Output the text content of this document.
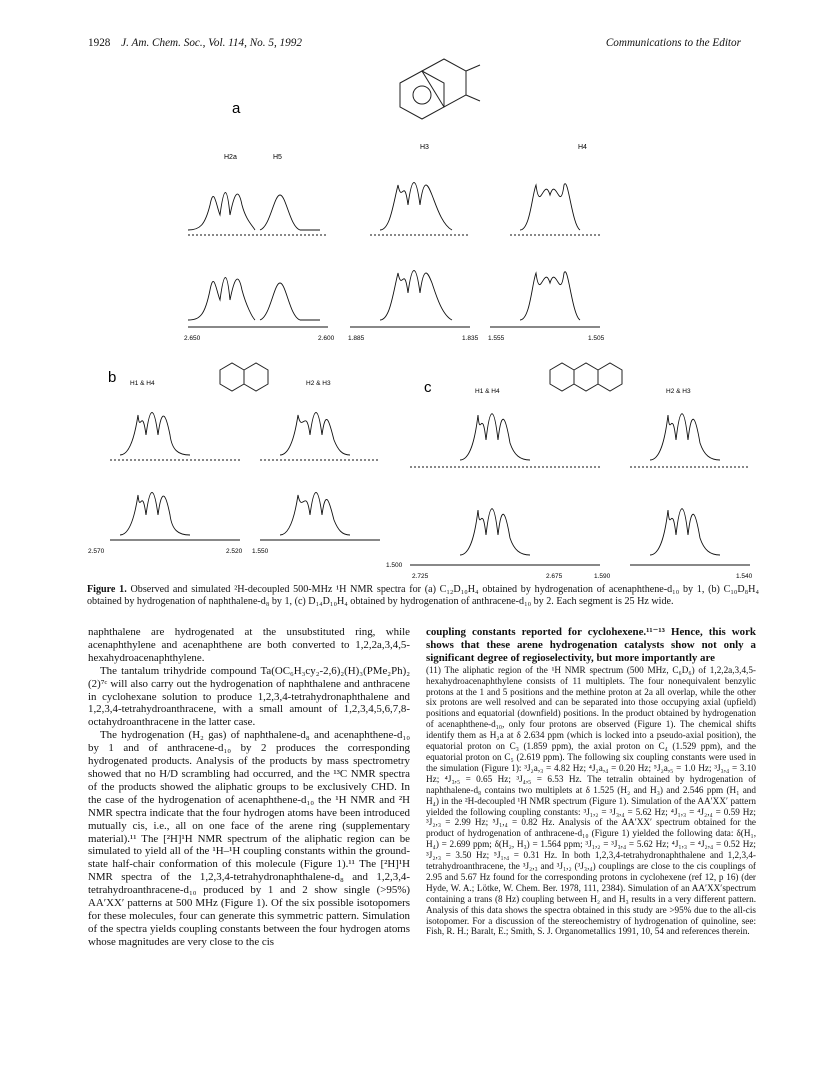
1928 J. Am. Chem. Soc., Vol. 114, No. 5, 1992	Communications to the Editor
a
H2a	H5
H3	H4
b
c
H1 & H4	H2 & H3
H1 & H4	H2 & H3
2.650	2.600 1.885	1.835 1.555	1.505
2.570	2.520 1.550
1.500
2.725	2.675	1.590	1.540
Figure 1. Observed and simulated ²H-decoupled 500-MHz ¹H NMR spectra for (a) C₁₂D₁₀H₄ obtained by hydrogenation of acenaphthene-d₁₀ by 1, (b) C₁₀D₈H₄ obtained by hydrogenation of naphthalene-d₈ by 1, (c) D₁₄D₁₀H₄ obtained by hydrogenation of anthracene-d₁₀ by 2. Each segment is 25 Hz wide.

naphthalene are hydrogenated at the unsubstituted ring, while acenaphthylene and acenaphthene are both converted to 1,2,2a,3,4,5-hexahydroacenaphthylene.

The tantalum trihydride compound Ta(OC₆H₃cy₂-2,6)₂(H)₃(PMe₂Ph)₂ (2)⁷ᶜ will also carry out the hydrogenation of naphthalene and anthracene in cyclohexane solution to produce 1,2,3,4-tetrahydronaphthalene and 1,2,3,4-tetrahydroanthracene, with a small amount of 1,2,3,4,5,6,7,8-octahydroanthracene in the latter case.

The hydrogenation (H₂ gas) of naphthalene-d₈ and acenaphthene-d₁₀ by 1 and of anthracene-d₁₀ by 2 produces the corresponding hydrogenated products. Analysis of the products by mass spectrometry showed that no H/D scrambling had occurred, and the ¹³C NMR spectra of the products showed the aliphatic groups to be exclusively CHD. In the case of the hydrogenation of acenaphthene-d₁₀ the ¹H NMR and ²H NMR spectra indicate that the four hydrogen atoms have been introduced mutually cis, i.e., all on one face of the arene ring (supplementary material).¹¹ The [²H]¹H NMR spectrum of the aliphatic region can be simulated to yield all of the ¹H–¹H coupling constants within the ground-state half-chair conformation of this molecule (Figure 1).¹¹ The [²H]¹H NMR spectra of the 1,2,3,4-tetrahydronaphthalene-d₈ and 1,2,3,4-tetrahydroanthracene-d₁₀ produced by 1 and 2 show single (>95%) AA′XX′ patterns at 500 MHz (Figure 1). Of the six possible isotopomers for these molecules, four can generate this symmetric pattern. Simulation of the spectra yields coupling constants between the four hydrogen atoms whose magnitudes are very close to the cis

coupling constants reported for cyclohexene.¹¹⁻¹³ Hence, this work shows that these arene hydrogenation catalysts show not only a significant degree of regioselectivity, but more importantly are

(11) The aliphatic region of the ¹H NMR spectrum (500 MHz, C₆D₆) of 1,2,2a,3,4,5-hexahydroacenaphthylene consists of 11 multiplets. The four nonequivalent benzylic protons at the 1 and 5 positions and the methine proton at 2a all overlap, while the other six protons are well resolved and can be separated into those occupying axial (upfield) positions and equatorial (downfield) positions. In the product obtained by hydrogenation of acenaphthene-d₁₀, only four protons are observed (Figure 1). The chemical shifts identify them as H₂a at δ 2.634 ppm (which is locked into a pseudo-axial position), the equatorial proton on C₃ (1.859 ppm), the axial proton on C₄ (1.529 ppm), and the equatorial proton on C₅ (2.619 ppm). The following six coupling constants were used in the simulation (Figure 1): ³J₂a,₃ = 4.82 Hz; ⁴J₂a,₄ = 0.20 Hz; ⁵J₂a,₅ = 1.0 Hz; ³J₃,₄ = 3.10 Hz; ⁴J₃,₅ = 0.65 Hz; ³J₄,₅ = 6.53 Hz. The tetralin obtained by hydrogenation of naphthalene-d₈ contains two multiplets at δ 1.525 (H₂ and H₃) and 2.546 ppm (H₁ and H₄) in the ²H-decoupled ¹H NMR spectrum (Figure 1). Simulation of the AA′XX′ pattern yielded the following coupling constants: ³J₁,₂ = ³J₃,₄ = 5.62 Hz; ⁴J₁,₃ = ⁴J₂,₄ = 0.59 Hz; ³J₂,₃ = 2.99 Hz; ⁵J₁,₄ = 0.82 Hz. Analysis of the AA′XX′ spectrum obtained for the product of hydrogenation of anthracene-d₁₀ (Figure 1) yielded the following data: δ(H₁, H₄) = 2.699 ppm; δ(H₂, H₃) = 1.564 ppm; ³J₁,₂ = ³J₃,₄ = 5.62 Hz; ⁴J₁,₃ = ⁴J₂,₄ = 0.52 Hz; ³J₂,₃ = 3.50 Hz; ⁵J₁,₄ = 0.31 Hz. In both 1,2,3,4-tetrahydronaphthalene and 1,2,3,4-tetrahydroanthracene, the ³J₂,₃ and ³J₁,₂ (³J₃,₄) couplings are close to the cis couplings of 2.95 and 5.67 Hz found for the corresponding protons in cyclohexene (ref 12, p 16) (der Hyde, W. A.; Lötke, W. Chem. Ber. 1978, 111, 2384). Simulation of an AA′XX′spectrum containing a trans (8 Hz) coupling between H₂ and H₃ results in a very different pattern. Analysis of this data shows the spectra obtained in this study are >95% due to the all-cis isotopomer. For a discussion of the stereochemistry of hydrogenation of quinoline, see: Fish, R. H.; Baralt, E.; Smith, S. J. Organometallics 1991, 10, 54 and references therein.
